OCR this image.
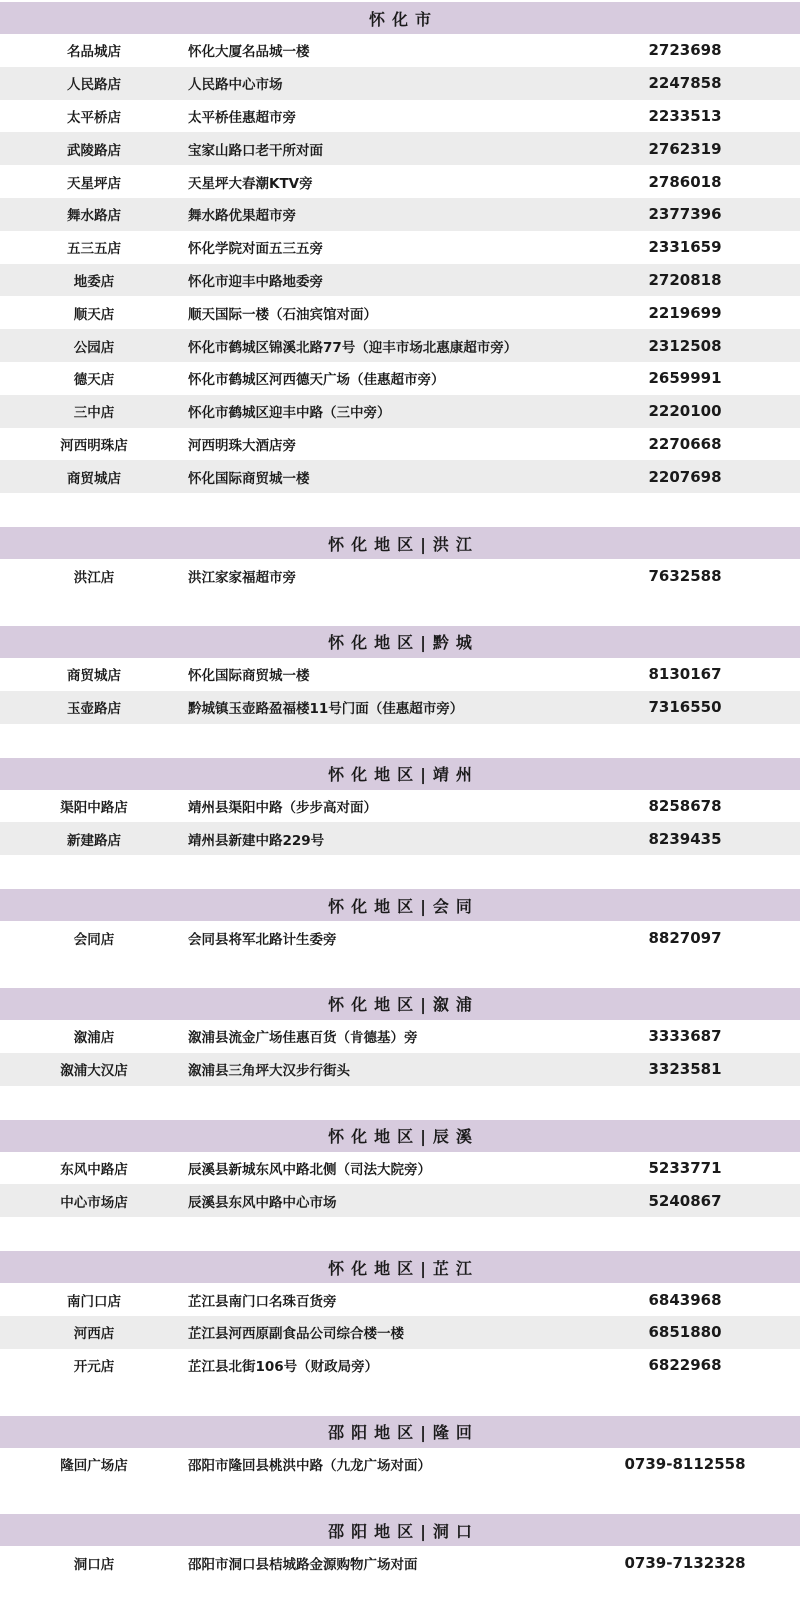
怀化市
名品城店	怀化大厦名品城一楼	2723698
人民路店	人民路中心市场	2247858
太平桥店	太平桥佳惠超市旁	2233513
武陵路店	宝家山路口老干所对面	2762319
天星坪店	天星坪大春潮KTV旁	2786018
舞水路店	舞水路优果超市旁	2377396
五三五店	怀化学院对面五三五旁	2331659
地委店	怀化市迎丰中路地委旁	2720818
顺天店	顺天国际一楼（石油宾馆对面）	2219699
公园店	怀化市鹤城区锦溪北路77号（迎丰市场北惠康超市旁）	2312508
德天店	怀化市鹤城区河西德天广场（佳惠超市旁）	2659991
三中店	怀化市鹤城区迎丰中路（三中旁）	2220100
河西明珠店	河西明珠大酒店旁	2270668
商贸城店	怀化国际商贸城一楼	2207698
怀化地区|洪江
洪江店	洪江家家福超市旁	7632588
怀化地区|黔城
商贸城店	怀化国际商贸城一楼	8130167
玉壶路店	黔城镇玉壶路盈福楼11号门面（佳惠超市旁）	7316550
怀化地区|靖州
渠阳中路店	靖州县渠阳中路（步步高对面）	8258678
新建路店	靖州县新建中路229号	8239435
怀化地区|会同
会同店	会同县将军北路计生委旁	8827097
怀化地区|溆浦
溆浦店	溆浦县流金广场佳惠百货（肯德基）旁	3333687
溆浦大汉店	溆浦县三角坪大汉步行街头	3323581
怀化地区|辰溪
东风中路店	辰溪县新城东风中路北侧（司法大院旁）	5233771
中心市场店	辰溪县东风中路中心市场	5240867
怀化地区|芷江
南门口店	芷江县南门口名珠百货旁	6843968
河西店	芷江县河西原副食品公司综合楼一楼	6851880
开元店	芷江县北街106号（财政局旁）	6822968
邵阳地区|隆回
隆回广场店	邵阳市隆回县桃洪中路（九龙广场对面）	0739-8112558
邵阳地区|洞口
洞口店	邵阳市洞口县桔城路金源购物广场对面	0739-7132328
